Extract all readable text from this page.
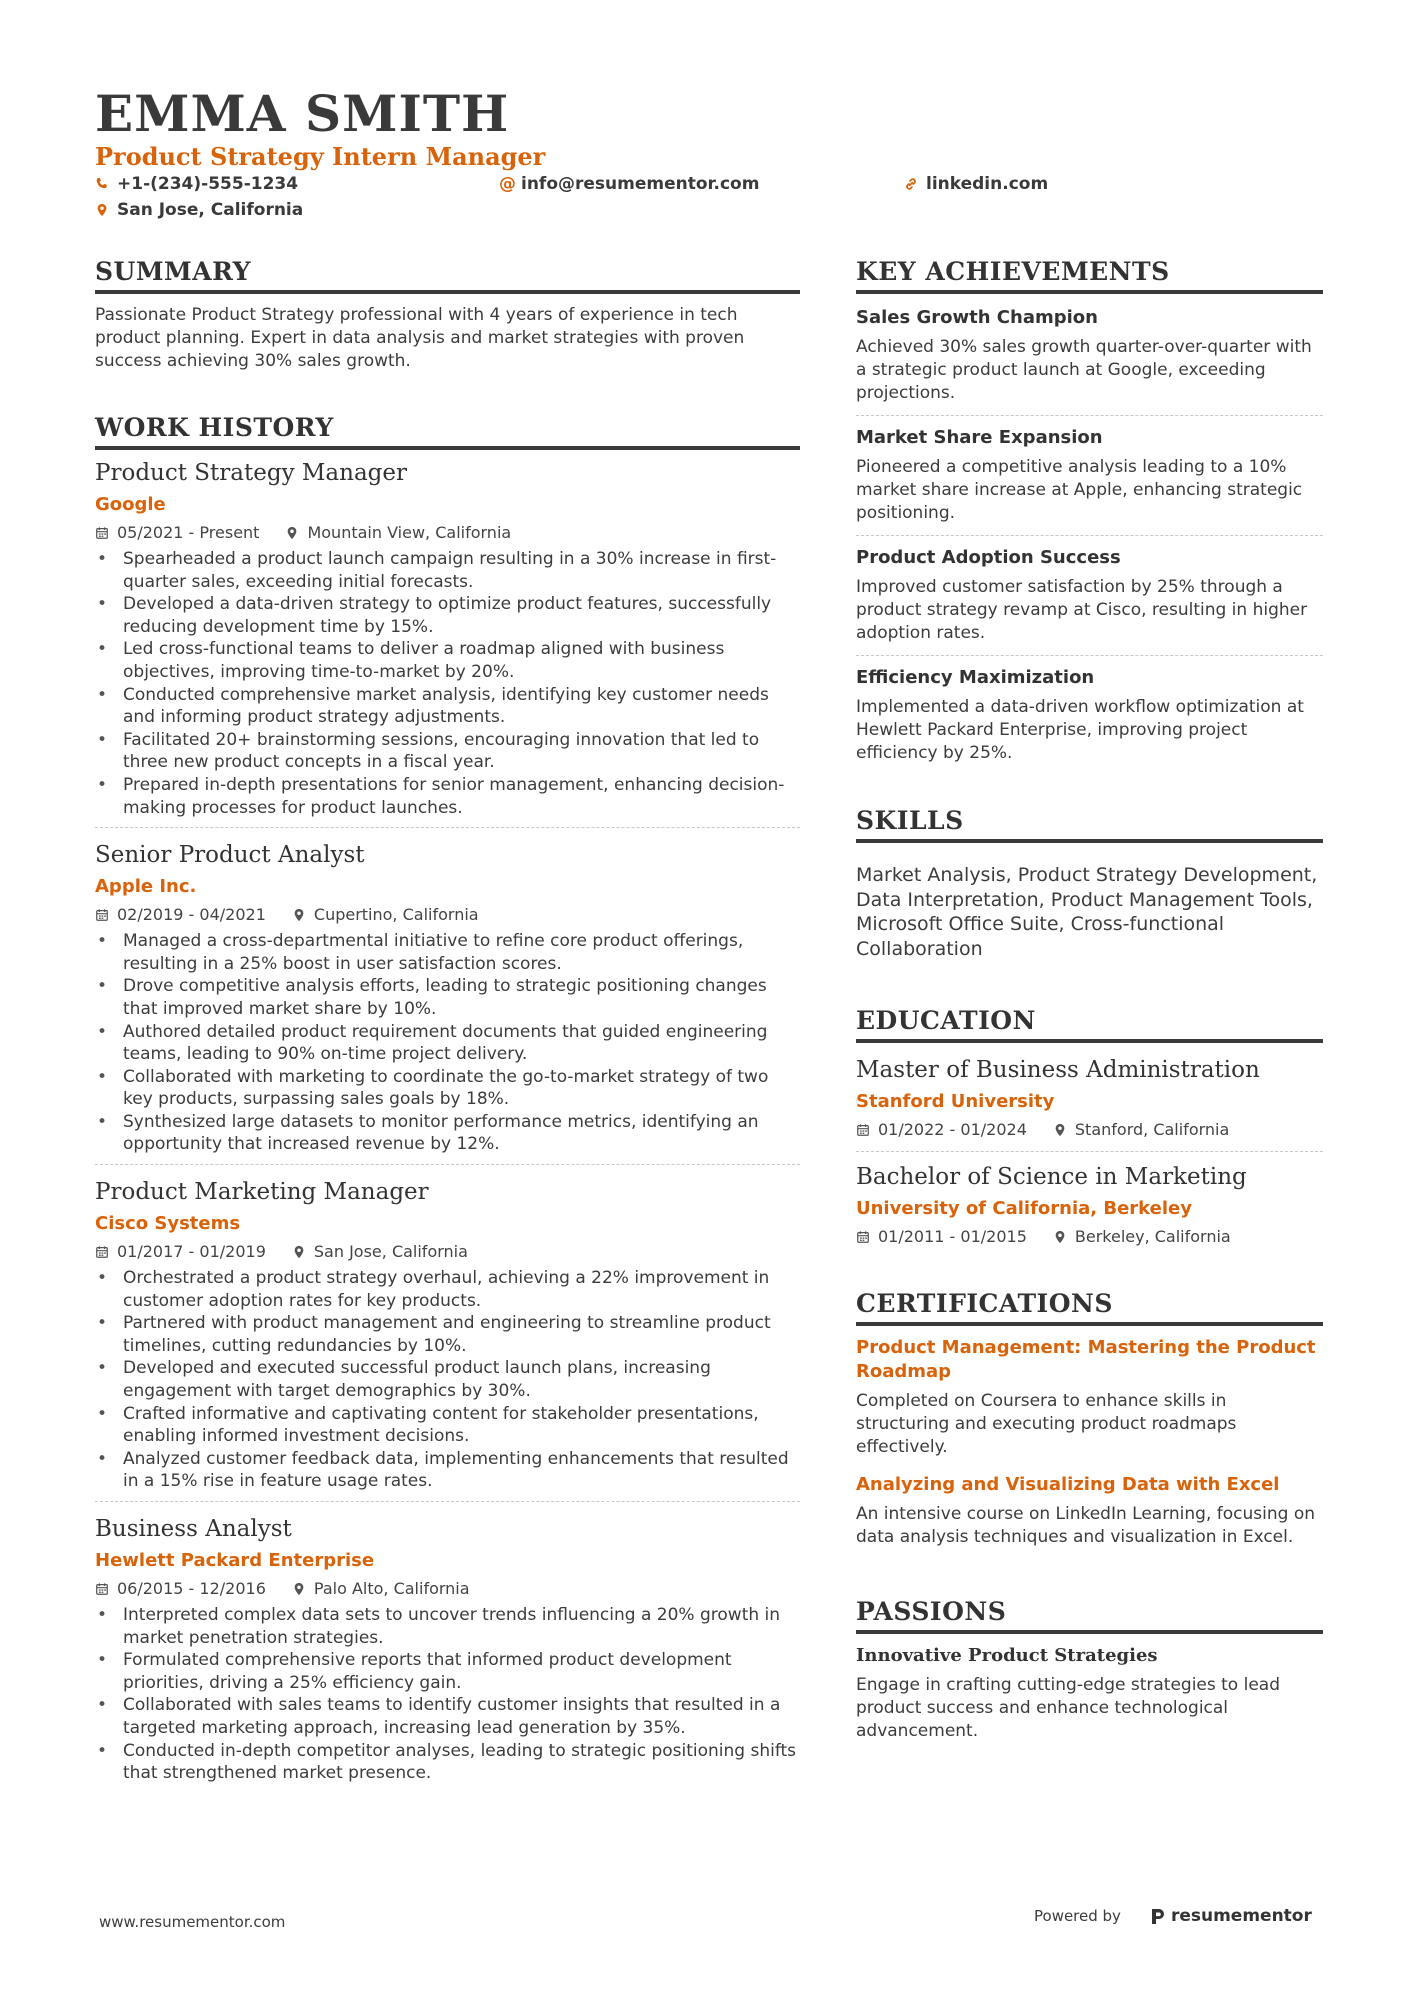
EMMA SMITH
Product Strategy Intern Manager
+1-(234)-555-1234	@ info@resumementor.com	linkedin.com
San Jose, California
SUMMARY
Passionate Product Strategy professional with 4 years of experience in tech product planning. Expert in data analysis and market strategies with proven success achieving 30% sales growth.
WORK HISTORY
Product Strategy Manager
Google
05/2021 - Present	Mountain View, California
• Spearheaded a product launch campaign resulting in a 30% increase in first-quarter sales, exceeding initial forecasts.
• Developed a data-driven strategy to optimize product features, successfully reducing development time by 15%.
• Led cross-functional teams to deliver a roadmap aligned with business objectives, improving time-to-market by 20%.
• Conducted comprehensive market analysis, identifying key customer needs and informing product strategy adjustments.
• Facilitated 20+ brainstorming sessions, encouraging innovation that led to three new product concepts in a fiscal year.
• Prepared in-depth presentations for senior management, enhancing decision-making processes for product launches.
Senior Product Analyst
Apple Inc.
02/2019 - 04/2021	Cupertino, California
• Managed a cross-departmental initiative to refine core product offerings, resulting in a 25% boost in user satisfaction scores.
• Drove competitive analysis efforts, leading to strategic positioning changes that improved market share by 10%.
• Authored detailed product requirement documents that guided engineering teams, leading to 90% on-time project delivery.
• Collaborated with marketing to coordinate the go-to-market strategy of two key products, surpassing sales goals by 18%.
• Synthesized large datasets to monitor performance metrics, identifying an opportunity that increased revenue by 12%.
Product Marketing Manager
Cisco Systems
01/2017 - 01/2019	San Jose, California
• Orchestrated a product strategy overhaul, achieving a 22% improvement in customer adoption rates for key products.
• Partnered with product management and engineering to streamline product timelines, cutting redundancies by 10%.
• Developed and executed successful product launch plans, increasing engagement with target demographics by 30%.
• Crafted informative and captivating content for stakeholder presentations, enabling informed investment decisions.
• Analyzed customer feedback data, implementing enhancements that resulted in a 15% rise in feature usage rates.
Business Analyst
Hewlett Packard Enterprise
06/2015 - 12/2016	Palo Alto, California
• Interpreted complex data sets to uncover trends influencing a 20% growth in market penetration strategies.
• Formulated comprehensive reports that informed product development priorities, driving a 25% efficiency gain.
• Collaborated with sales teams to identify customer insights that resulted in a targeted marketing approach, increasing lead generation by 35%.
• Conducted in-depth competitor analyses, leading to strategic positioning shifts that strengthened market presence.
KEY ACHIEVEMENTS
Sales Growth Champion
Achieved 30% sales growth quarter-over-quarter with a strategic product launch at Google, exceeding projections.
Market Share Expansion
Pioneered a competitive analysis leading to a 10% market share increase at Apple, enhancing strategic positioning.
Product Adoption Success
Improved customer satisfaction by 25% through a product strategy revamp at Cisco, resulting in higher adoption rates.
Efficiency Maximization
Implemented a data-driven workflow optimization at Hewlett Packard Enterprise, improving project efficiency by 25%.
SKILLS
Market Analysis, Product Strategy Development, Data Interpretation, Product Management Tools, Microsoft Office Suite, Cross-functional Collaboration
EDUCATION
Master of Business Administration
Stanford University
01/2022 - 01/2024	Stanford, California
Bachelor of Science in Marketing
University of California, Berkeley
01/2011 - 01/2015	Berkeley, California
CERTIFICATIONS
Product Management: Mastering the Product Roadmap
Completed on Coursera to enhance skills in structuring and executing product roadmaps effectively.
Analyzing and Visualizing Data with Excel
An intensive course on LinkedIn Learning, focusing on data analysis techniques and visualization in Excel.
PASSIONS
Innovative Product Strategies
Engage in crafting cutting-edge strategies to lead product success and enhance technological advancement.
www.resumementor.com	Powered by	resumementor
